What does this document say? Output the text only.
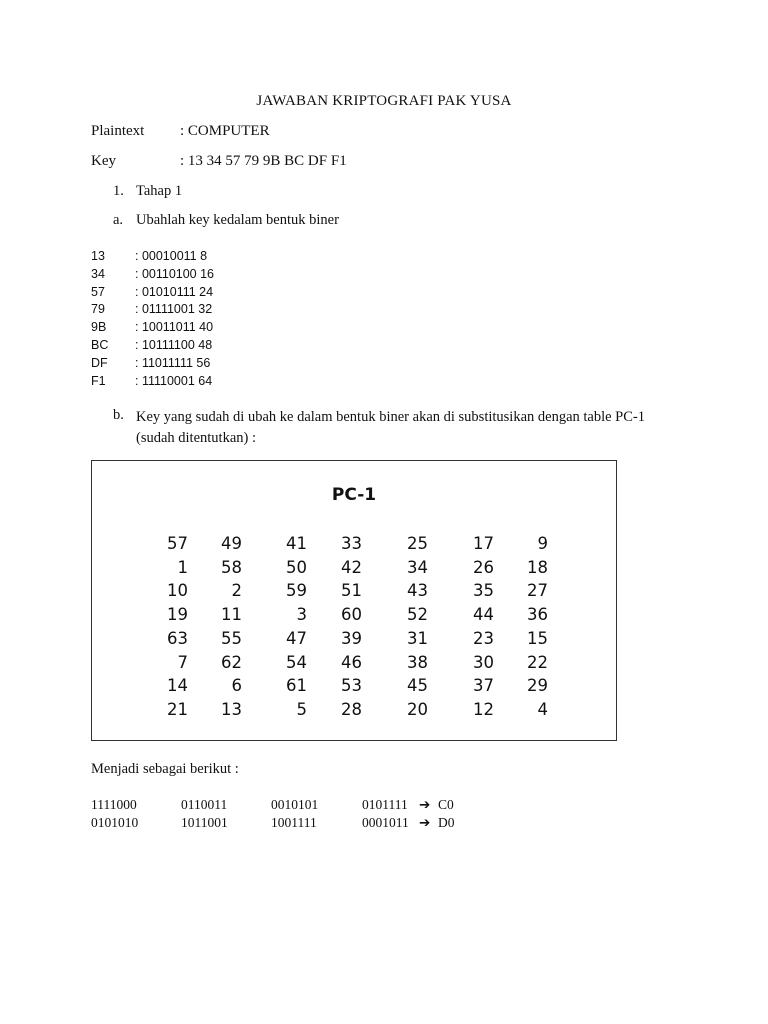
JAWABAN KRIPTOGRAFI PAK YUSA
Plaintext : COMPUTER
Key	: 13 34 57 79 9B BC DF F1
1. Tahap 1
a. Ubahlah key kedalam bentuk biner
13 : 00010011 8
34 : 00110100 16
57 : 01010111 24
79 : 01111001 32
9B : 10011011 40
BC : 10111100 48
DF : 11011111 56
F1 : 11110001 64
b. Key yang sudah di ubah ke dalam bentuk biner akan di substitusikan dengan table PC-1 (sudah ditentutkan) :
PC-1
57	49	41	33	25	17	9
1	58	50	42	34	26	18
10	2	59	51	43	35	27
19	11	3	60	52	44	36
63	55	47	39	31	23	15
7	62	54	46	38	30	22
14	6	61	53	45	37	29
21	13	5	28	20	12	4
Menjadi sebagai berikut :
1111000	0110011	0010101	0101111 ➔ C0
0101010	1011001	1001111	0001011 ➔ D0
